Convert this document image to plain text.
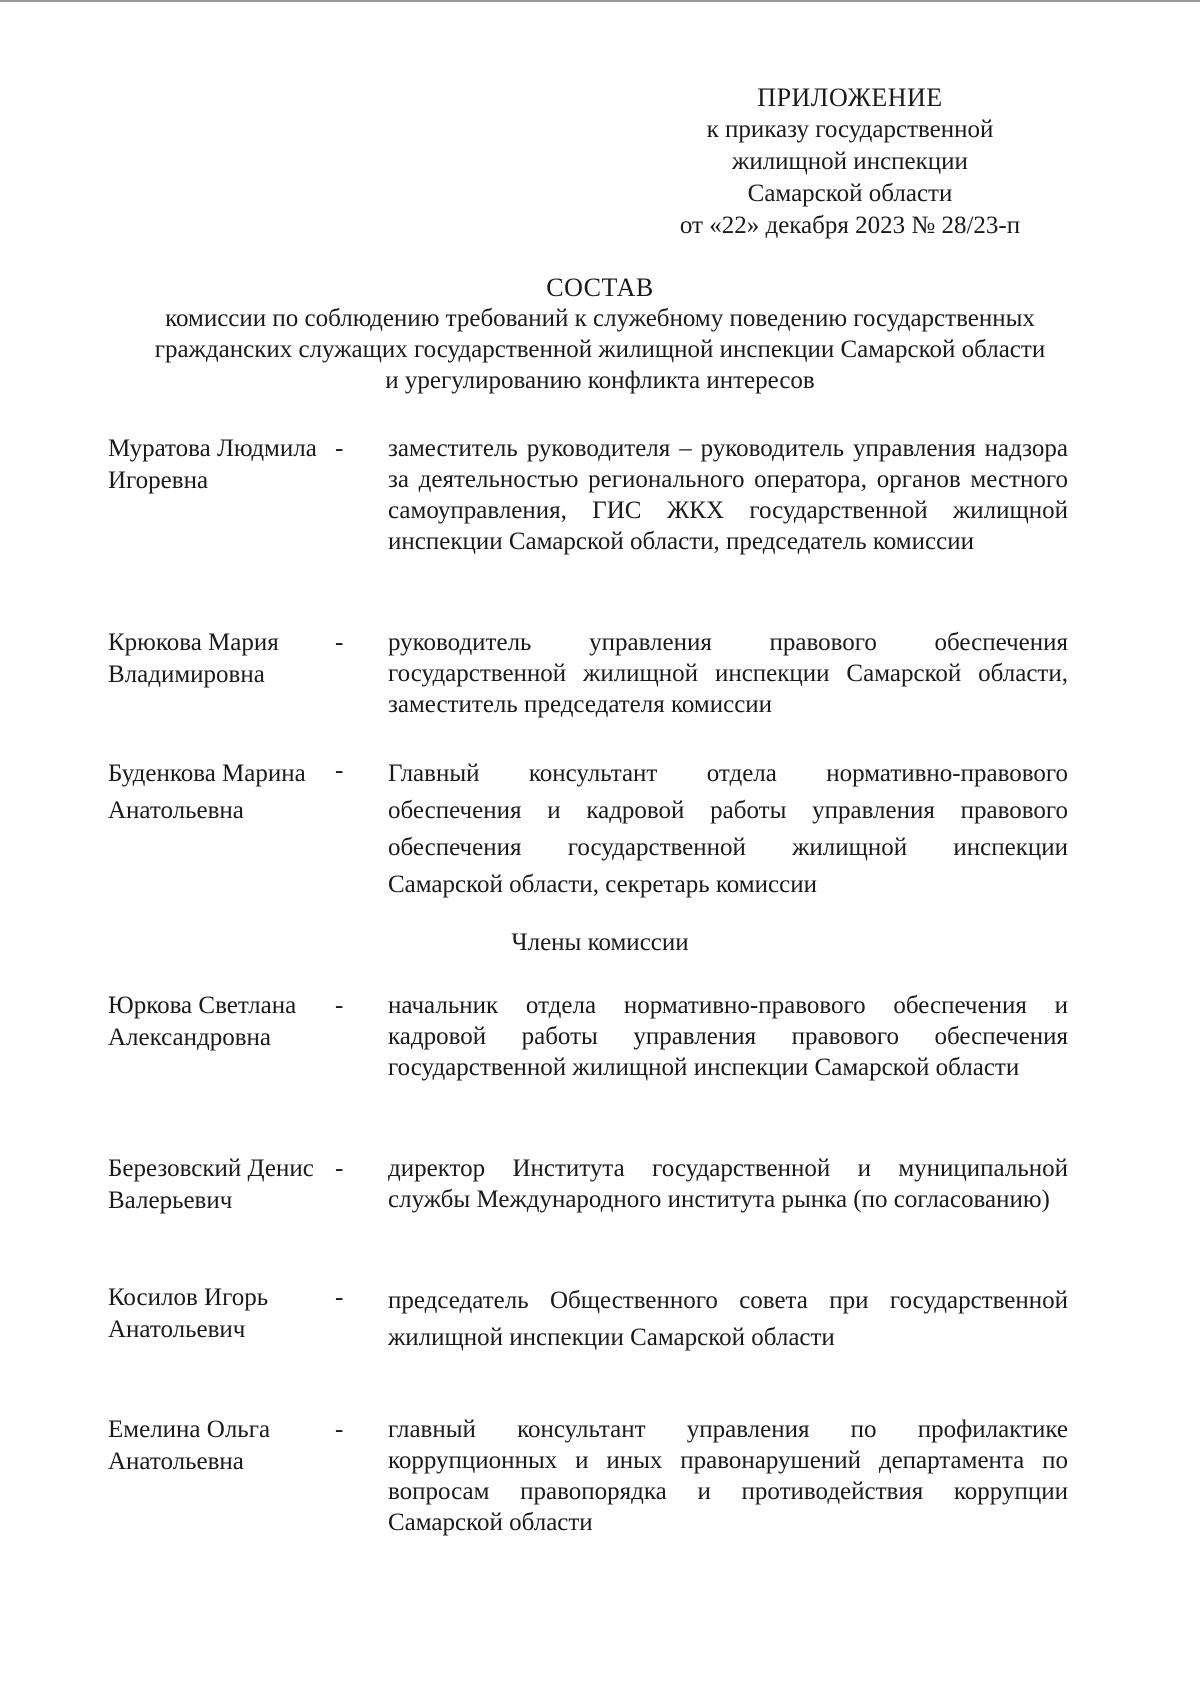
ПРИЛОЖЕНИЕ
к приказу государственной
жилищной инспекции
Самарской области
от «22» декабря 2023 № 28/23-п
СОСТАВ
комиссии по соблюдению требований к служебному поведению государственных
гражданских служащих государственной жилищной инспекции Самарской области
и урегулированию конфликта интересов
Муратова Людмила Игоревна
- заместитель руководителя – руководитель управления надзора за деятельностью регионального оператора, органов местного самоуправления, ГИС ЖКХ государственной жилищной инспекции Самарской области, председатель комиссии
Крюкова Мария Владимировна
- руководитель управления правового обеспечения государственной жилищной инспекции Самарской области, заместитель председателя комиссии
Буденкова Марина Анатольевна
- Главный консультант отдела нормативно-правового обеспечения и кадровой работы управления правового обеспечения государственной жилищной инспекции Самарской области, секретарь комиссии
Члены комиссии
Юркова Светлана Александровна
- начальник отдела нормативно-правового обеспечения и кадровой работы управления правового обеспечения государственной жилищной инспекции Самарской области
Березовский Денис Валерьевич
- директор Института государственной и муниципальной службы Международного института рынка (по согласованию)
Косилов Игорь Анатольевич
- председатель Общественного совета при государственной жилищной инспекции Самарской области
Емелина Ольга Анатольевна
- главный консультант управления по профилактике коррупционных и иных правонарушений департамента по вопросам правопорядка и противодействия коррупции Самарской области
